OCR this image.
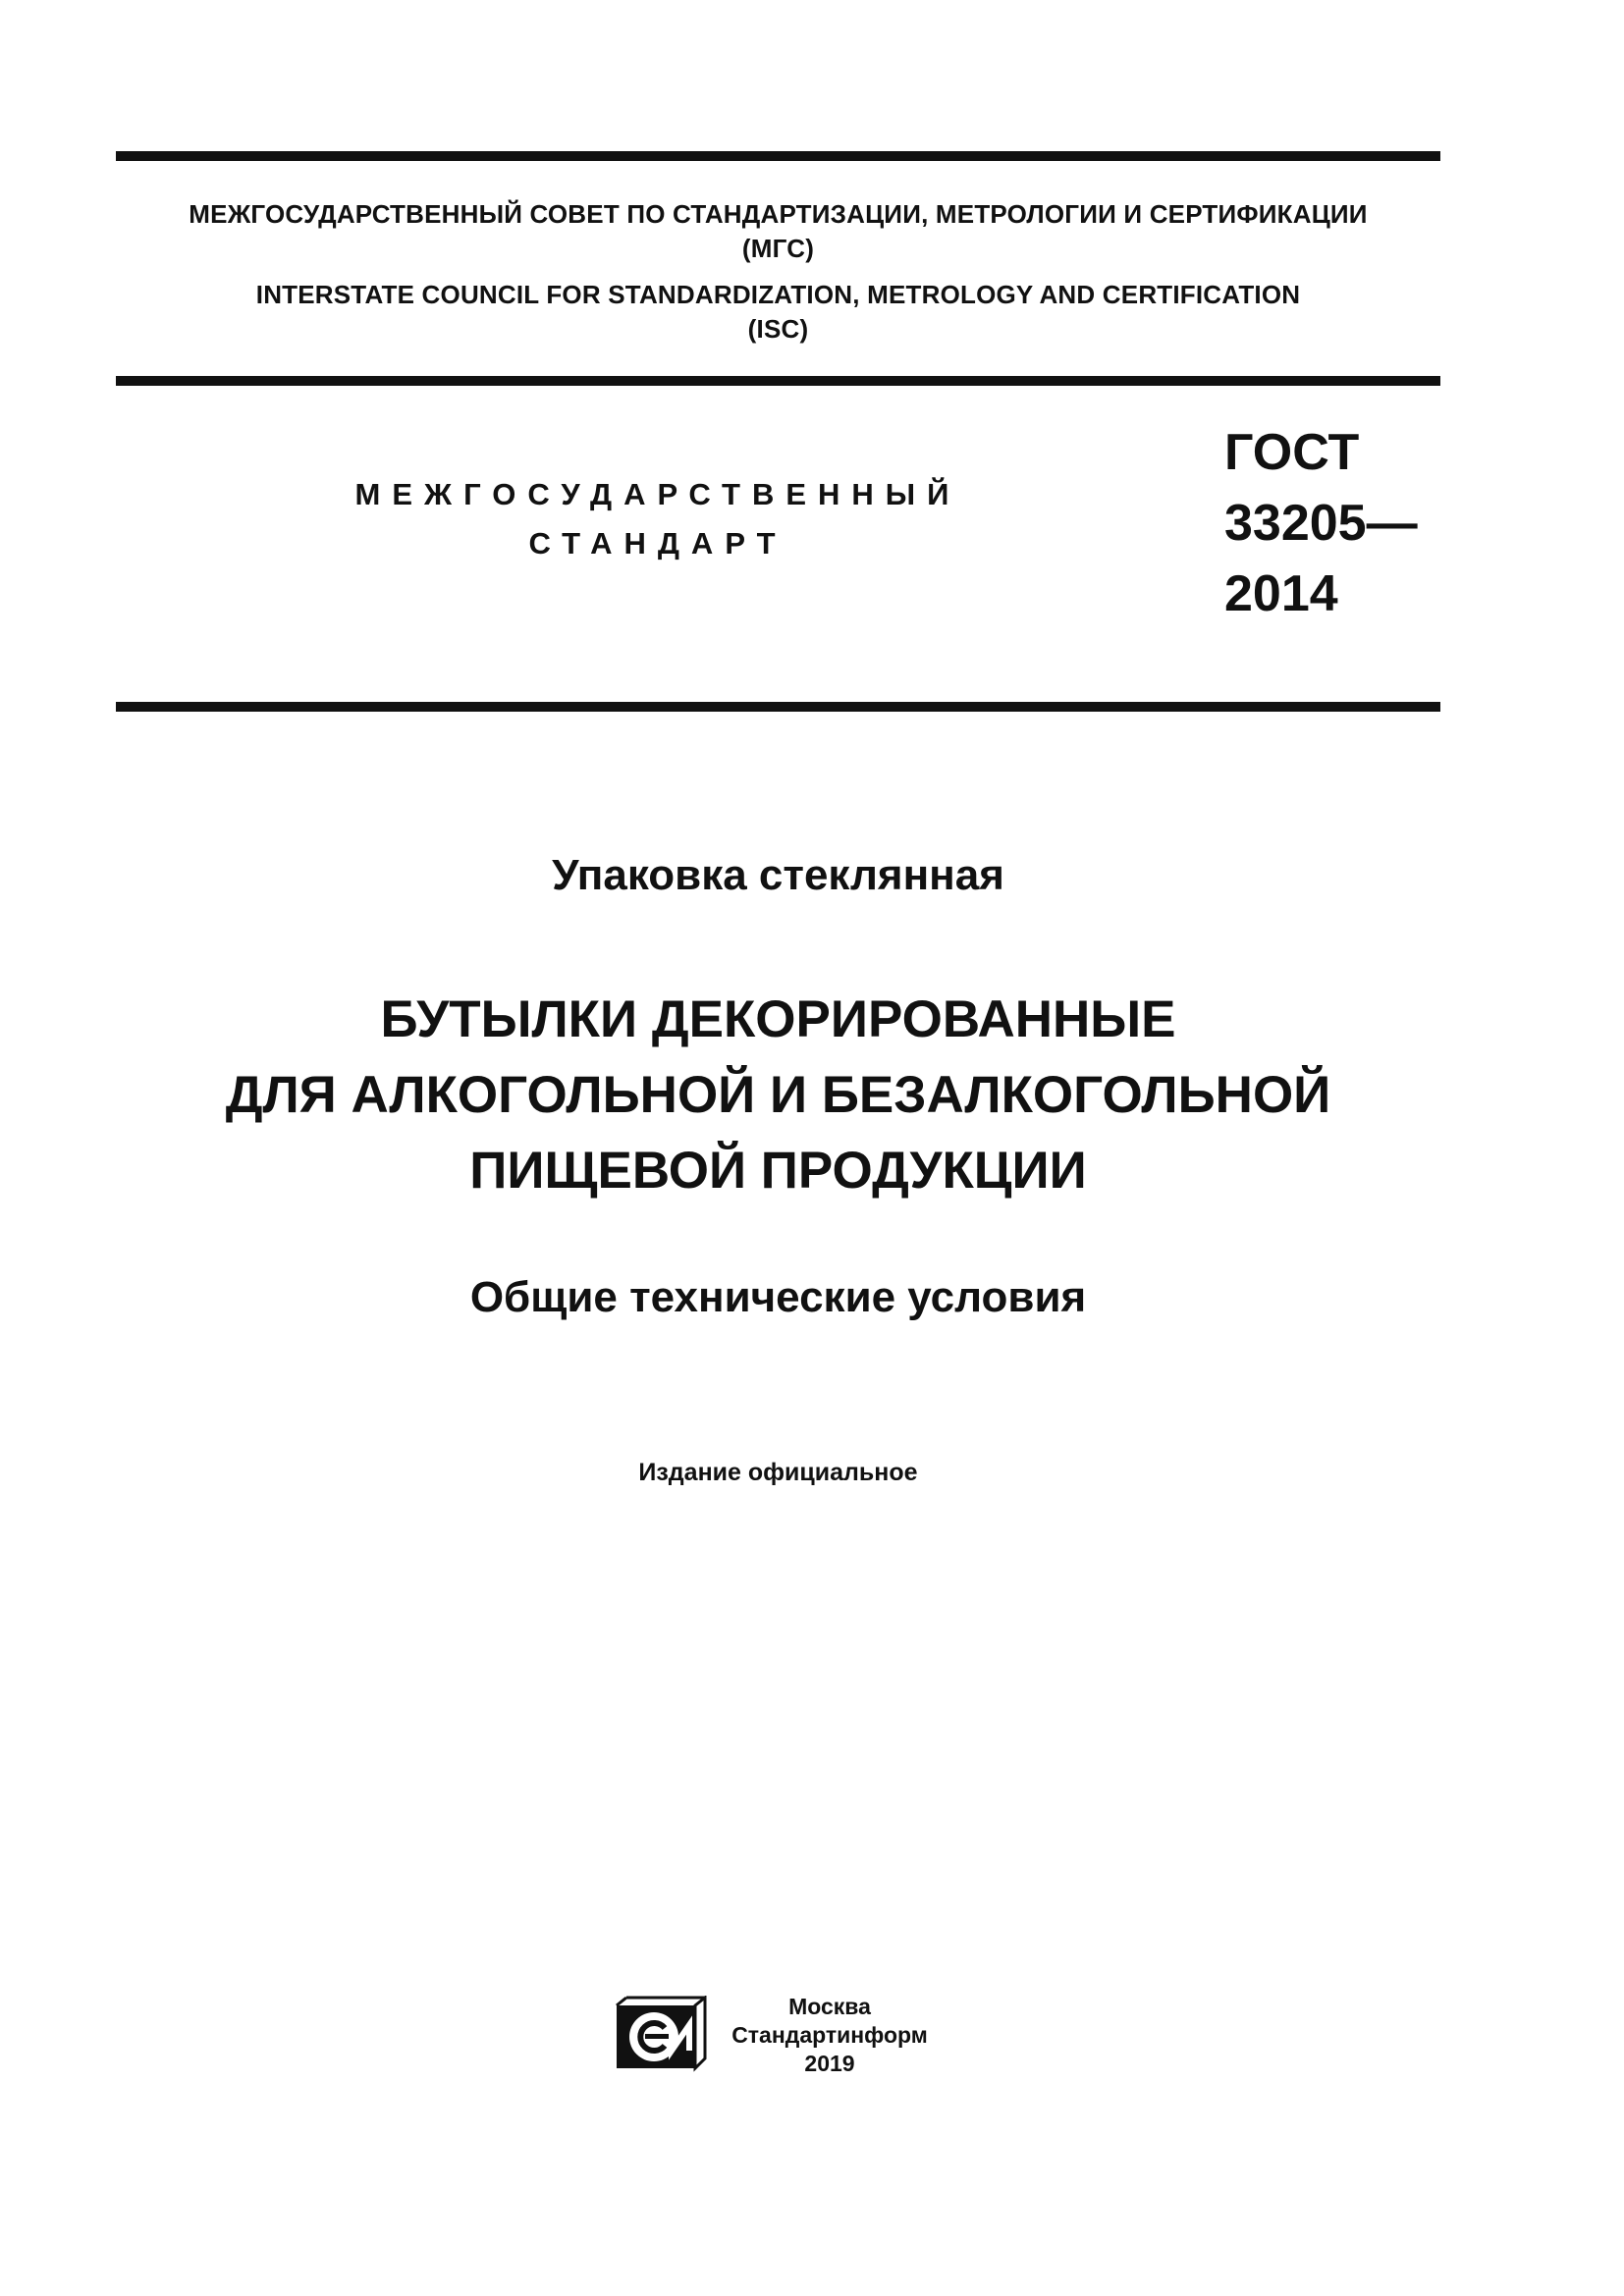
МЕЖГОСУДАРСТВЕННЫЙ СОВЕТ ПО СТАНДАРТИЗАЦИИ, МЕТРОЛОГИИ И СЕРТИФИКАЦИИ
(МГС)
INTERSTATE COUNCIL FOR STANDARDIZATION, METROLOGY AND CERTIFICATION
(ISC)
МЕЖГОСУДАРСТВЕННЫЙ
СТАНДАРТ
ГОСТ
33205—
2014
Упаковка стеклянная
БУТЫЛКИ ДЕКОРИРОВАННЫЕ
ДЛЯ АЛКОГОЛЬНОЙ И БЕЗАЛКОГОЛЬНОЙ
ПИЩЕВОЙ ПРОДУКЦИИ
Общие технические условия
Издание официальное
Москва
Стандартинформ
2019
